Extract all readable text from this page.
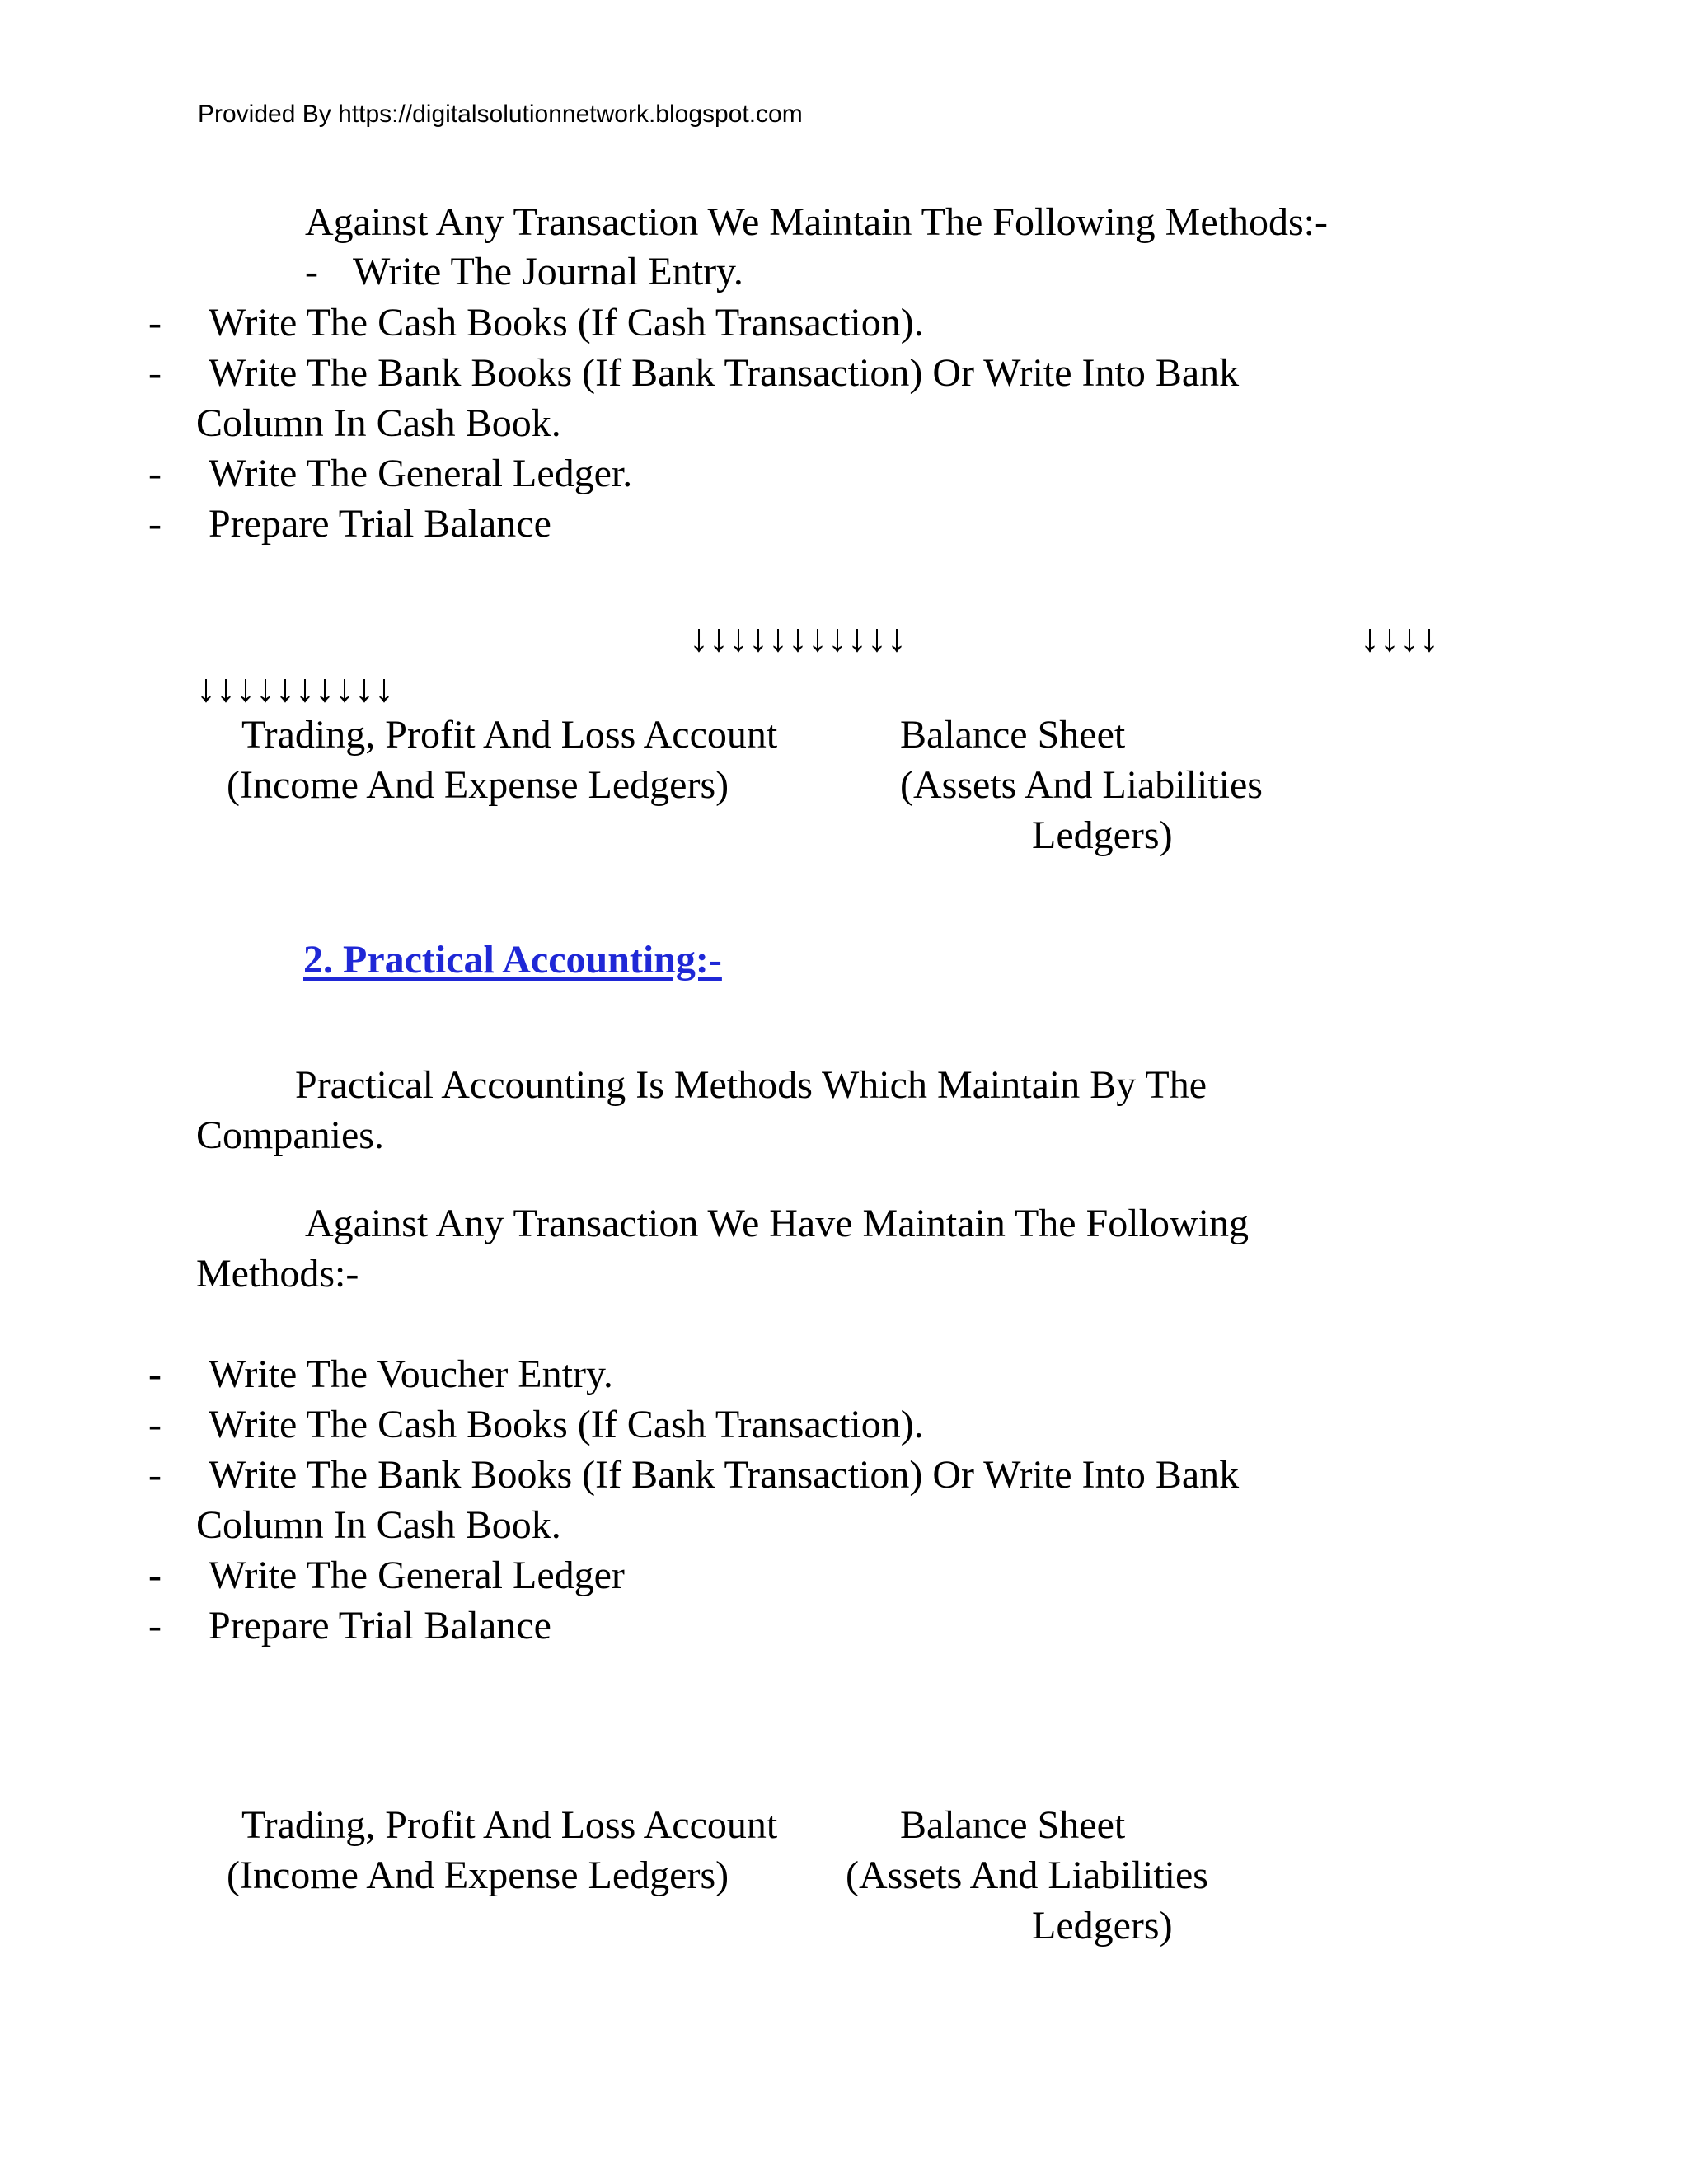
Provided By https://digitalsolutionnetwork.blogspot.com
Against Any Transaction We Maintain The Following Methods:-
- Write The Journal Entry.
- Write The Cash Books (If Cash Transaction).
- Write The Bank Books (If Bank Transaction) Or Write Into Bank
Column In Cash Book.
- Write The General Ledger.
- Prepare Trial Balance
↓↓↓↓↓↓↓↓↓↓↓	↓↓↓↓
↓↓↓↓↓↓↓↓↓↓
Trading, Profit And Loss Account	Balance Sheet
(Income And Expense Ledgers)	(Assets And Liabilities
Ledgers)
2. Practical Accounting:-
Practical Accounting Is Methods Which Maintain By The
Companies.
Against Any Transaction We Have Maintain The Following
Methods:-
- Write The Voucher Entry.
- Write The Cash Books (If Cash Transaction).
- Write The Bank Books (If Bank Transaction) Or Write Into Bank
Column In Cash Book.
- Write The General Ledger
- Prepare Trial Balance
Trading, Profit And Loss Account	Balance Sheet
(Income And Expense Ledgers)	(Assets And Liabilities
Ledgers)
